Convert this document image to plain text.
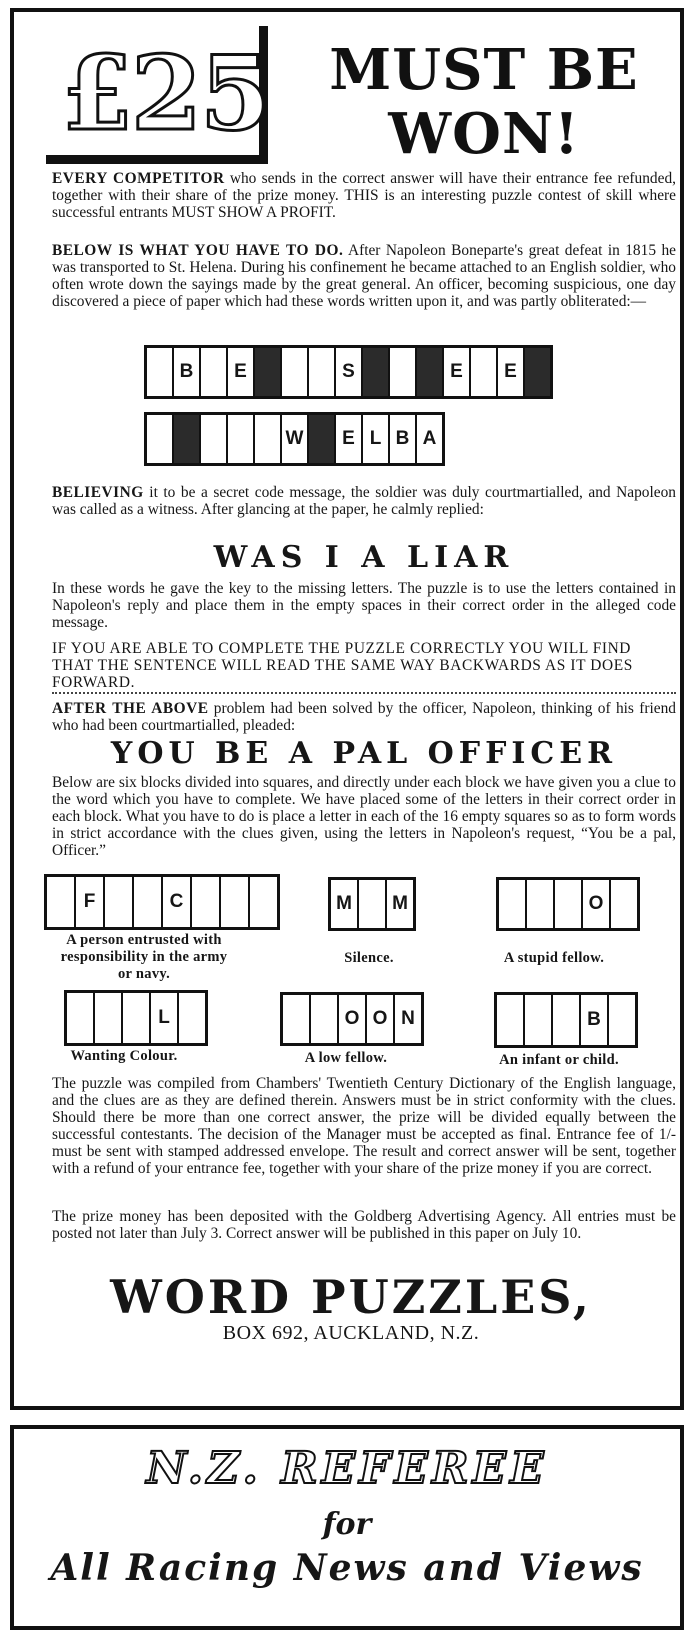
£25	MUST BE
WON!

EVERY COMPETITOR who sends in the correct answer will have their entrance fee refunded, together with their share of the prize money. THIS is an interesting puzzle contest of skill where successful entrants MUST SHOW A PROFIT.

BELOW IS WHAT YOU HAVE TO DO. After Napoleon Boneparte's great defeat in 1815 he was transported to St. Helena. During his confinement he became attached to an English soldier, who often wrote down the sayings made by the great general. An officer, becoming suspicious, one day discovered a piece of paper which had these words written upon it, and was partly obliterated:—

B	E	S	E	E
W	E L B A

BELIEVING it to be a secret code message, the soldier was duly courtmartialled, and Napoleon was called as a witness. After glancing at the paper, he calmly replied:

WAS I A LIAR

In these words he gave the key to the missing letters. The puzzle is to use the letters contained in Napoleon's reply and place them in the empty spaces in their correct order in the alleged code message.

IF YOU ARE ABLE TO COMPLETE THE PUZZLE CORRECTLY YOU WILL FIND THAT THE SENTENCE WILL READ THE SAME WAY BACKWARDS AS IT DOES FORWARD.

AFTER THE ABOVE problem had been solved by the officer, Napoleon, thinking of his friend who had been courtmartialled, pleaded:

YOU BE A PAL OFFICER

Below are six blocks divided into squares, and directly under each block we have given you a clue to the word which you have to complete. We have placed some of the letters in their correct order in each block. What you have to do is place a letter in each of the 16 empty squares so as to form words in strict accordance with the clues given, using the letters in Napoleon's request, “You be a pal, Officer.”

F	C
A person entrusted with responsibility in the army or navy.
M	M
Silence.
O
A stupid fellow.
L
Wanting Colour.
O O N
A low fellow.
B
An infant or child.

The puzzle was compiled from Chambers' Twentieth Century Dictionary of the English language, and the clues are as they are defined therein. Answers must be in strict conformity with the clues. Should there be more than one correct answer, the prize will be divided equally between the successful contestants. The decision of the Manager must be accepted as final. Entrance fee of 1/- must be sent with stamped addressed envelope. The result and correct answer will be sent, together with a refund of your entrance fee, together with your share of the prize money if you are correct.

The prize money has been deposited with the Goldberg Advertising Agency. All entries must be posted not later than July 3. Correct answer will be published in this paper on July 10.

WORD PUZZLES,
BOX 692, AUCKLAND, N.Z.
N.Z. REFEREE
for
All Racing News and Views
